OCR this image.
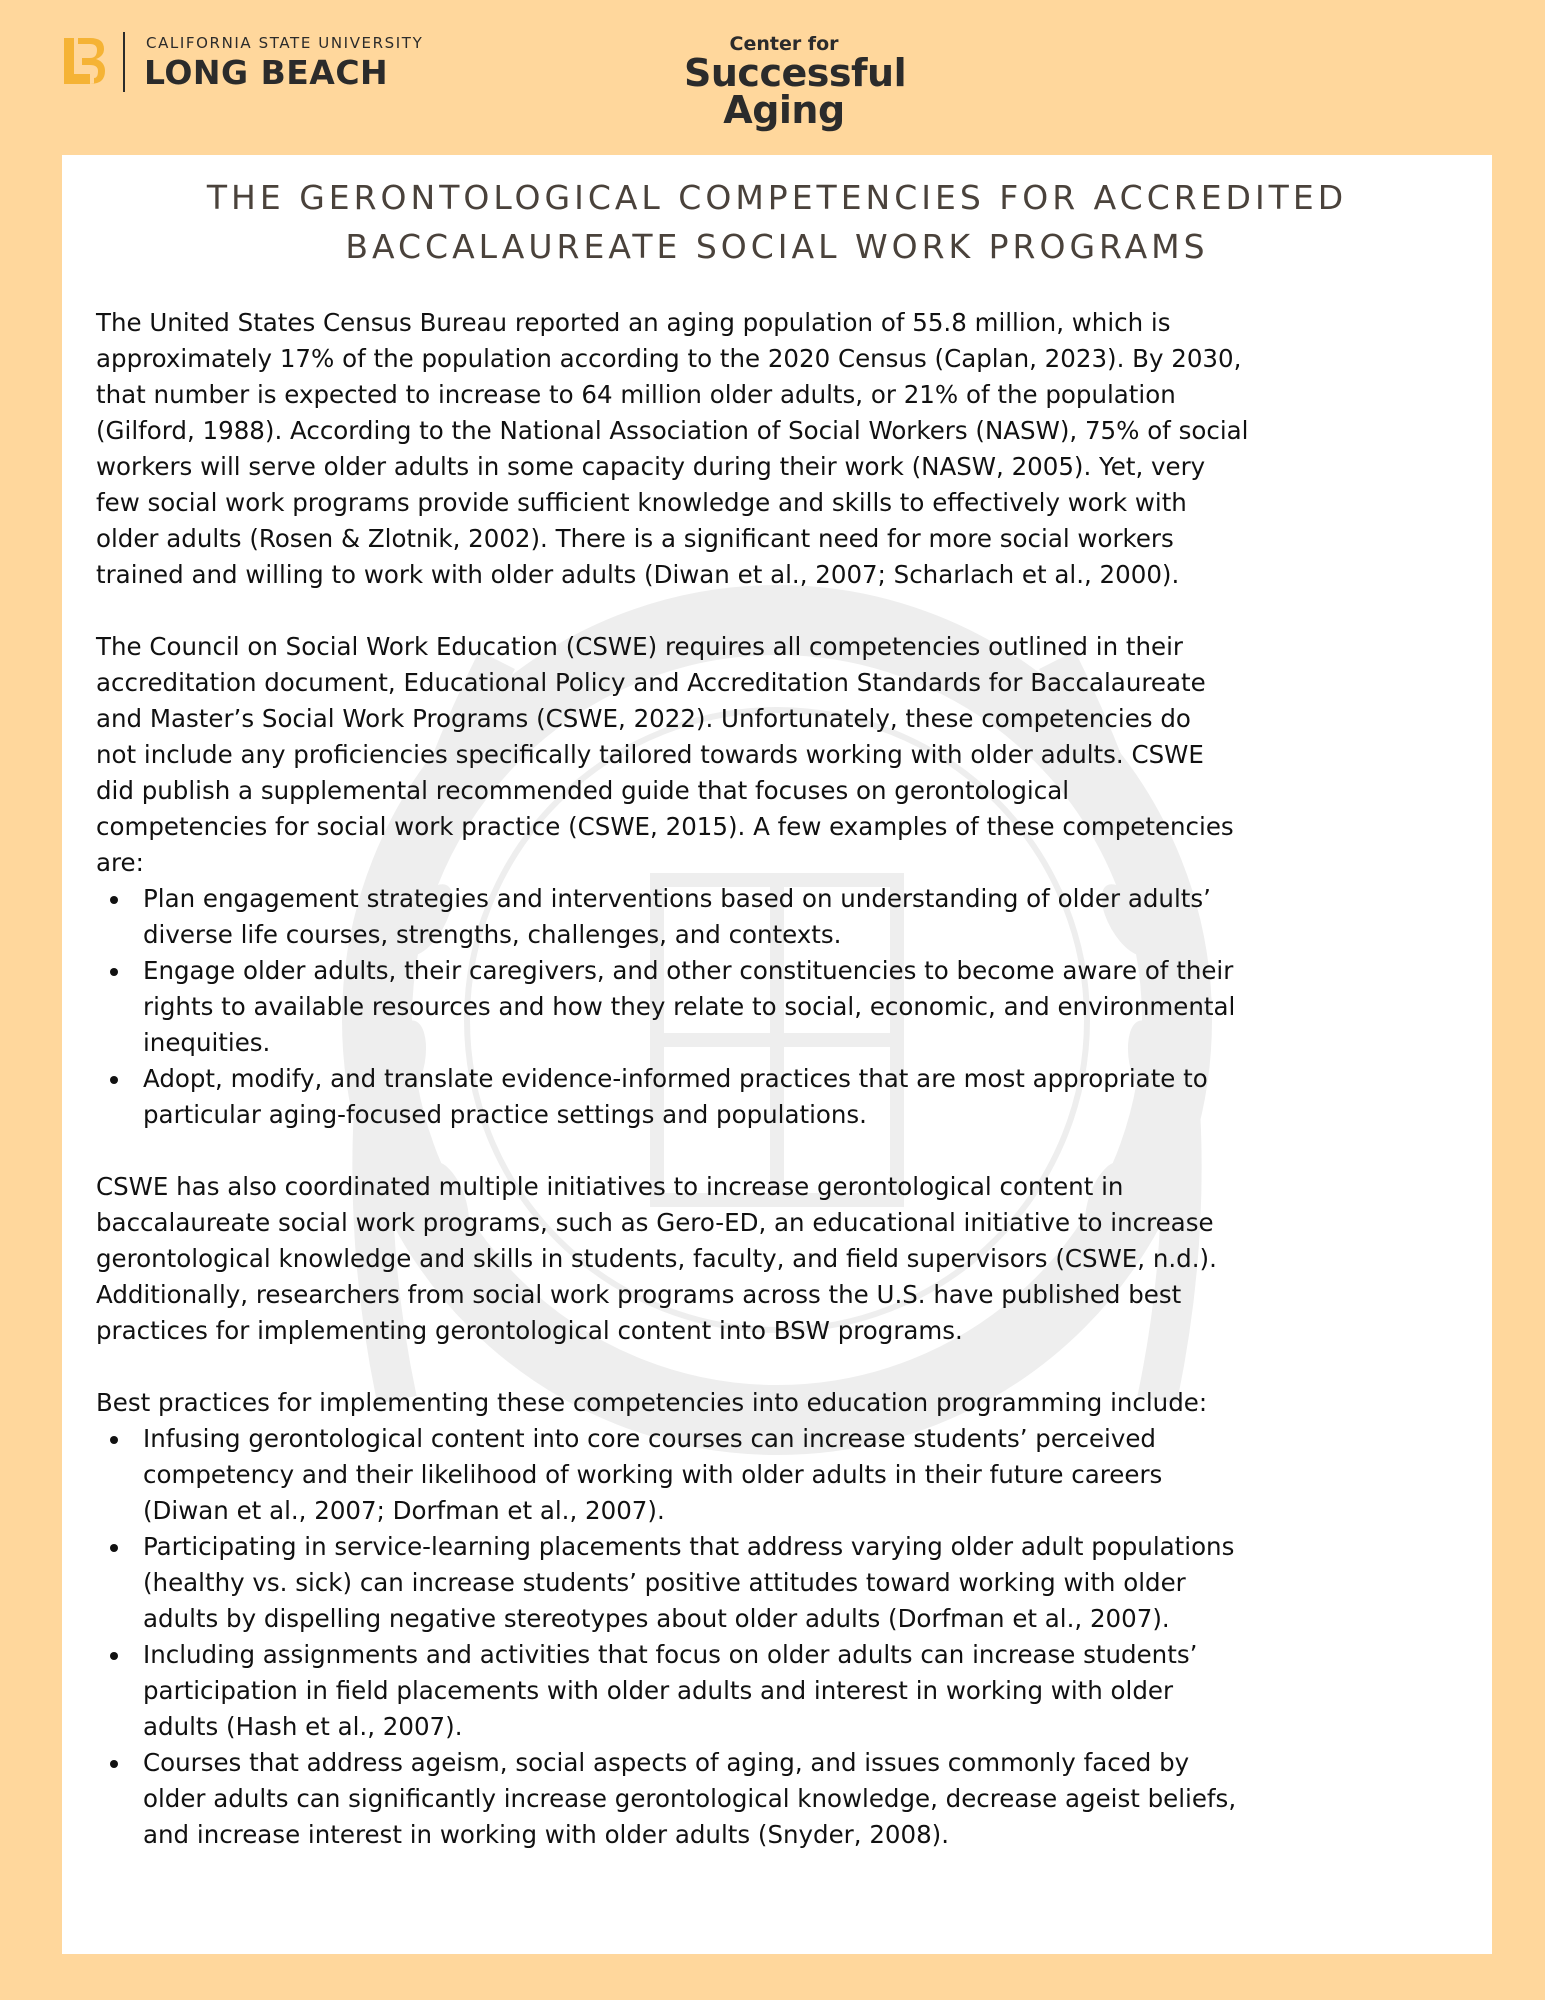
CALIFORNIA STATE UNIVERSITY
LONG BEACH
Center for
Successful
Aging
THE GERONTOLOGICAL COMPETENCIES FOR ACCREDITED
BACCALAUREATE SOCIAL WORK PROGRAMS
The United States Census Bureau reported an aging population of 55.8 million, which is
approximately 17% of the population according to the 2020 Census (Caplan, 2023). By 2030,
that number is expected to increase to 64 million older adults, or 21% of the population
(Gilford, 1988). According to the National Association of Social Workers (NASW), 75% of social
workers will serve older adults in some capacity during their work (NASW, 2005). Yet, very
few social work programs provide sufficient knowledge and skills to effectively work with
older adults (Rosen & Zlotnik, 2002). There is a significant need for more social workers
trained and willing to work with older adults (Diwan et al., 2007; Scharlach et al., 2000).
The Council on Social Work Education (CSWE) requires all competencies outlined in their
accreditation document, Educational Policy and Accreditation Standards for Baccalaureate
and Master’s Social Work Programs (CSWE, 2022). Unfortunately, these competencies do
not include any proficiencies specifically tailored towards working with older adults. CSWE
did publish a supplemental recommended guide that focuses on gerontological
competencies for social work practice (CSWE, 2015). A few examples of these competencies
are:
Plan engagement strategies and interventions based on understanding of older adults’
diverse life courses, strengths, challenges, and contexts.
Engage older adults, their caregivers, and other constituencies to become aware of their
rights to available resources and how they relate to social, economic, and environmental
inequities.
Adopt, modify, and translate evidence-informed practices that are most appropriate to
particular aging-focused practice settings and populations.
CSWE has also coordinated multiple initiatives to increase gerontological content in
baccalaureate social work programs, such as Gero-ED, an educational initiative to increase
gerontological knowledge and skills in students, faculty, and field supervisors (CSWE, n.d.).
Additionally, researchers from social work programs across the U.S. have published best
practices for implementing gerontological content into BSW programs.
Best practices for implementing these competencies into education programming include:
Infusing gerontological content into core courses can increase students’ perceived
competency and their likelihood of working with older adults in their future careers
(Diwan et al., 2007; Dorfman et al., 2007).
Participating in service-learning placements that address varying older adult populations
(healthy vs. sick) can increase students’ positive attitudes toward working with older
adults by dispelling negative stereotypes about older adults (Dorfman et al., 2007).
Including assignments and activities that focus on older adults can increase students’
participation in field placements with older adults and interest in working with older
adults (Hash et al., 2007).
Courses that address ageism, social aspects of aging, and issues commonly faced by
older adults can significantly increase gerontological knowledge, decrease ageist beliefs,
and increase interest in working with older adults (Snyder, 2008).
